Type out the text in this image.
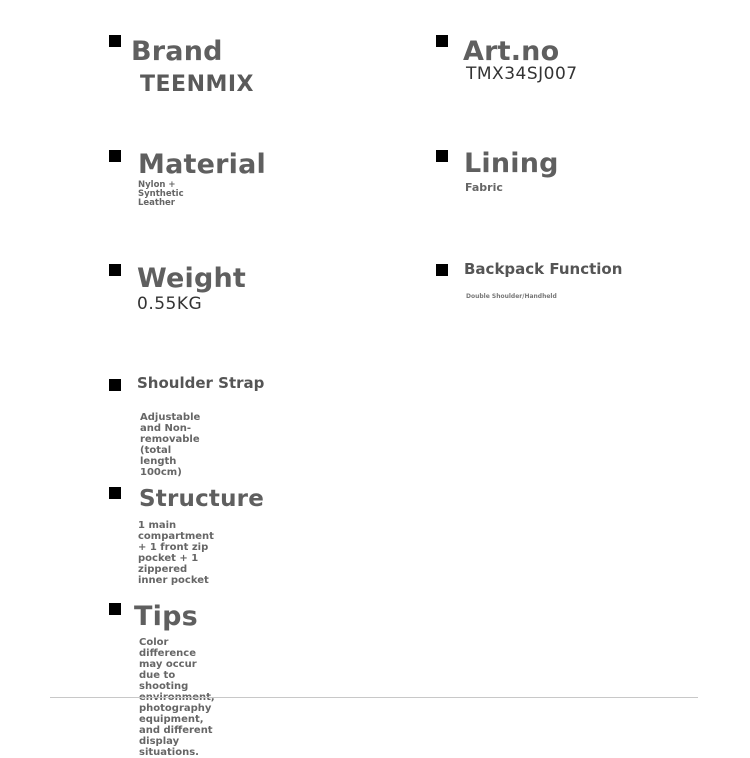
Brand
TEENMIX
Art.no
TMX34SJ007
Material
Nylon + Synthetic
Leather
Lining
Fabric
Weight
0.55KG
Backpack Function
Double Shoulder/Handheld
Shoulder Strap
Adjustable and Non-removable
(total length 100cm)
Structure
1 main compartment + 1 front zip
pocket + 1 zippered inner pocket
Tips
Color difference may occur due to shooting photography
equipment, and different display situations.
